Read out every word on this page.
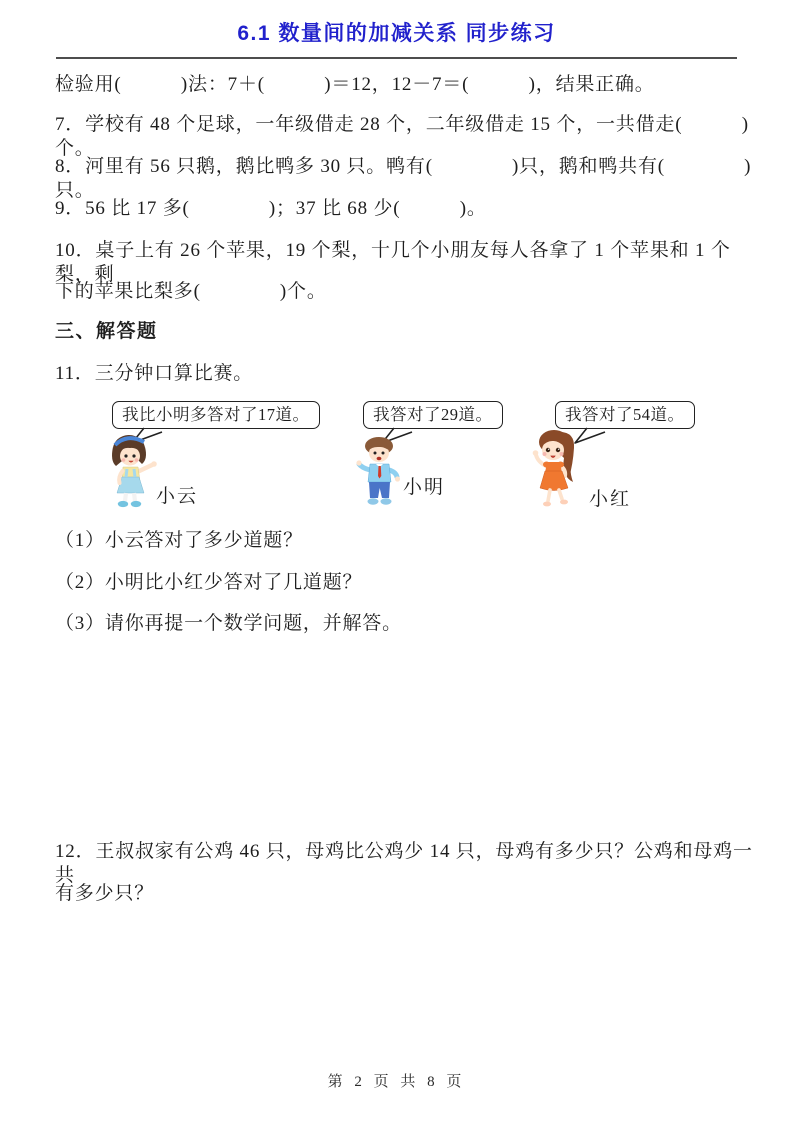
6.1 数量间的加减关系 同步练习
检验用(　　　)法：7＋(　　　)＝12，12－7＝(　　　)，结果正确。
7．学校有 48 个足球，一年级借走 28 个，二年级借走 15 个，一共借走(　　　)个。
8．河里有 56 只鹅，鹅比鸭多 30 只。鸭有(　　　　)只，鹅和鸭共有(　　　　)只。
9．56 比 17 多(　　　　)；37 比 68 少(　　　)。
10．桌子上有 26 个苹果，19 个梨，十几个小朋友每人各拿了 1 个苹果和 1 个梨，剩
下的苹果比梨多(　　　　)个。
三、解答题
11．三分钟口算比赛。
我比小明多答对了17道。
小云
我答对了29道。
小明
我答对了54道。
小红
（1）小云答对了多少道题？
（2）小明比小红少答对了几道题？
（3）请你再提一个数学问题，并解答。
12．王叔叔家有公鸡 46 只，母鸡比公鸡少 14 只，母鸡有多少只？公鸡和母鸡一共
有多少只？
第 2 页 共 8 页
